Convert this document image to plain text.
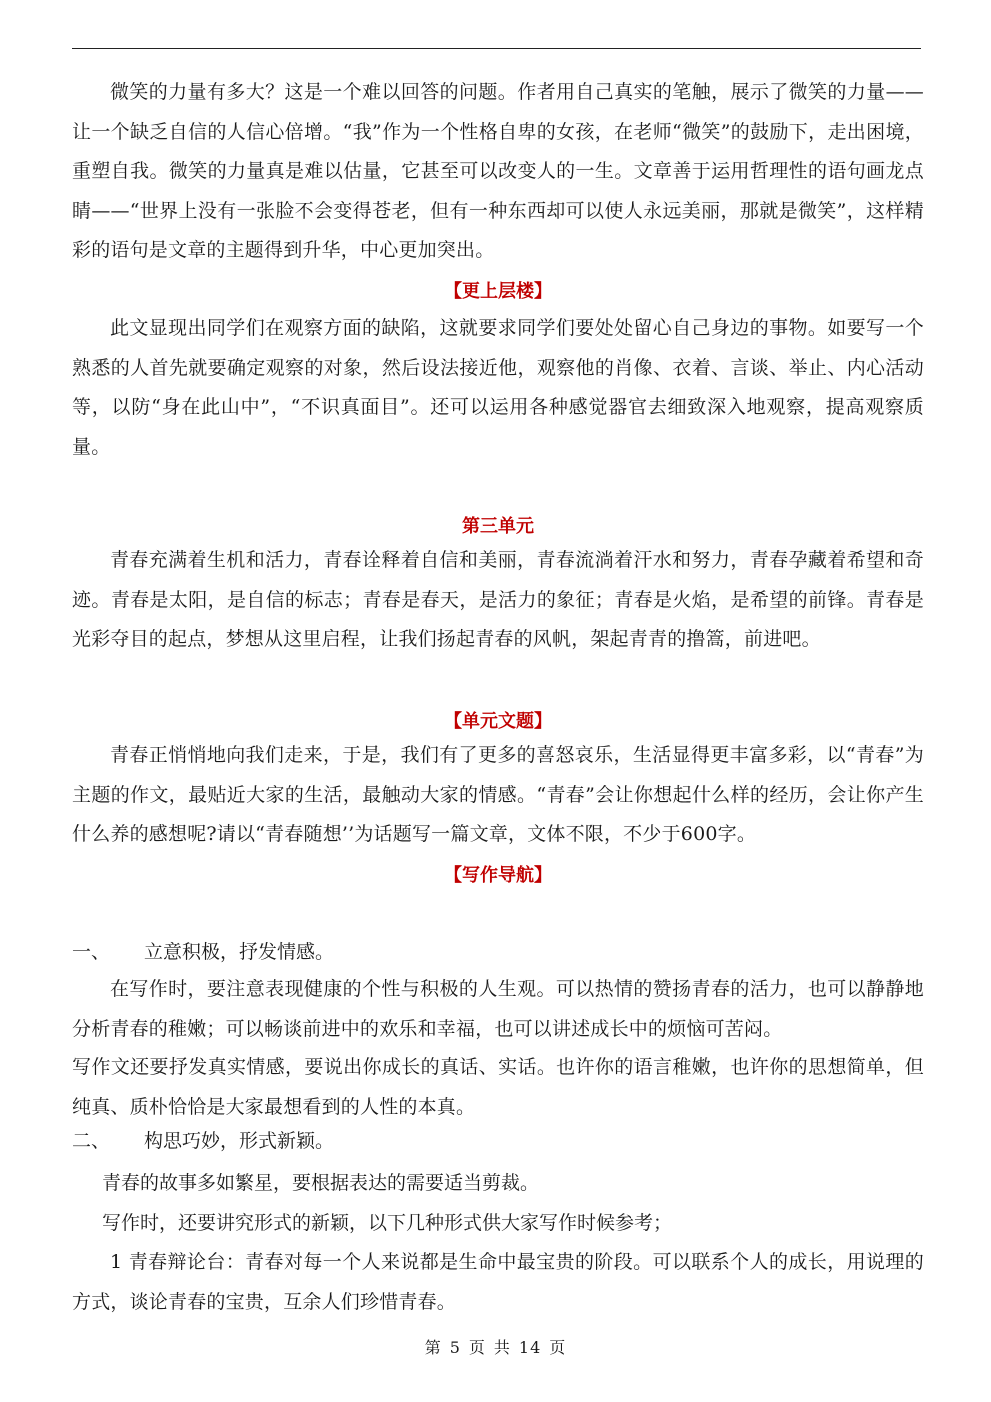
微笑的力量有多大？这是一个难以回答的问题。作者用自己真实的笔触，展示了微笑的力量——让一个缺乏自信的人信心倍增。“我”作为一个性格自卑的女孩，在老师“微笑”的鼓励下，走出困境，重塑自我。微笑的力量真是难以估量，它甚至可以改变人的一生。文章善于运用哲理性的语句画龙点睛——“世界上没有一张脸不会变得苍老，但有一种东西却可以使人永远美丽，那就是微笑”，这样精彩的语句是文章的主题得到升华，中心更加突出。

【更上层楼】

此文显现出同学们在观察方面的缺陷，这就要求同学们要处处留心自己身边的事物。如要写一个熟悉的人首先就要确定观察的对象，然后设法接近他，观察他的肖像、衣着、言谈、举止、内心活动等，以防“身在此山中”，“不识真面目”。还可以运用各种感觉器官去细致深入地观察，提高观察质量。

第三单元

青春充满着生机和活力，青春诠释着自信和美丽，青春流淌着汗水和努力，青春孕藏着希望和奇迹。青春是太阳，是自信的标志；青春是春天，是活力的象征；青春是火焰，是希望的前锋。青春是光彩夺目的起点，梦想从这里启程，让我们扬起青春的风帆，架起青青的撸篙，前进吧。

【单元文题】

青春正悄悄地向我们走来，于是，我们有了更多的喜怒哀乐，生活显得更丰富多彩，以“青春”为主题的作文，最贴近大家的生活，最触动大家的情感。“青春”会让你想起什么样的经历，会让你产生什么养的感想呢?请以“青春随想’’为话题写一篇文章，文体不限，不少于600字。

【写作导航】

一、 立意积极，抒发情感。

在写作时，要注意表现健康的个性与积极的人生观。可以热情的赞扬青春的活力，也可以静静地分析青春的稚嫩；可以畅谈前进中的欢乐和幸福，也可以讲述成长中的烦恼可苦闷。

写作文还要抒发真实情感，要说出你成长的真话、实话。也许你的语言稚嫩，也许你的思想简单，但纯真、质朴恰恰是大家最想看到的人性的本真。

二、 构思巧妙，形式新颖。
青春的故事多如繁星，要根据表达的需要适当剪裁。
写作时，还要讲究形式的新颖，以下几种形式供大家写作时候参考；

1 青春辩论台：青春对每一个人来说都是生命中最宝贵的阶段。可以联系个人的成长，用说理的方式，谈论青春的宝贵，互余人们珍惜青春。

第 5 页 共 14 页
